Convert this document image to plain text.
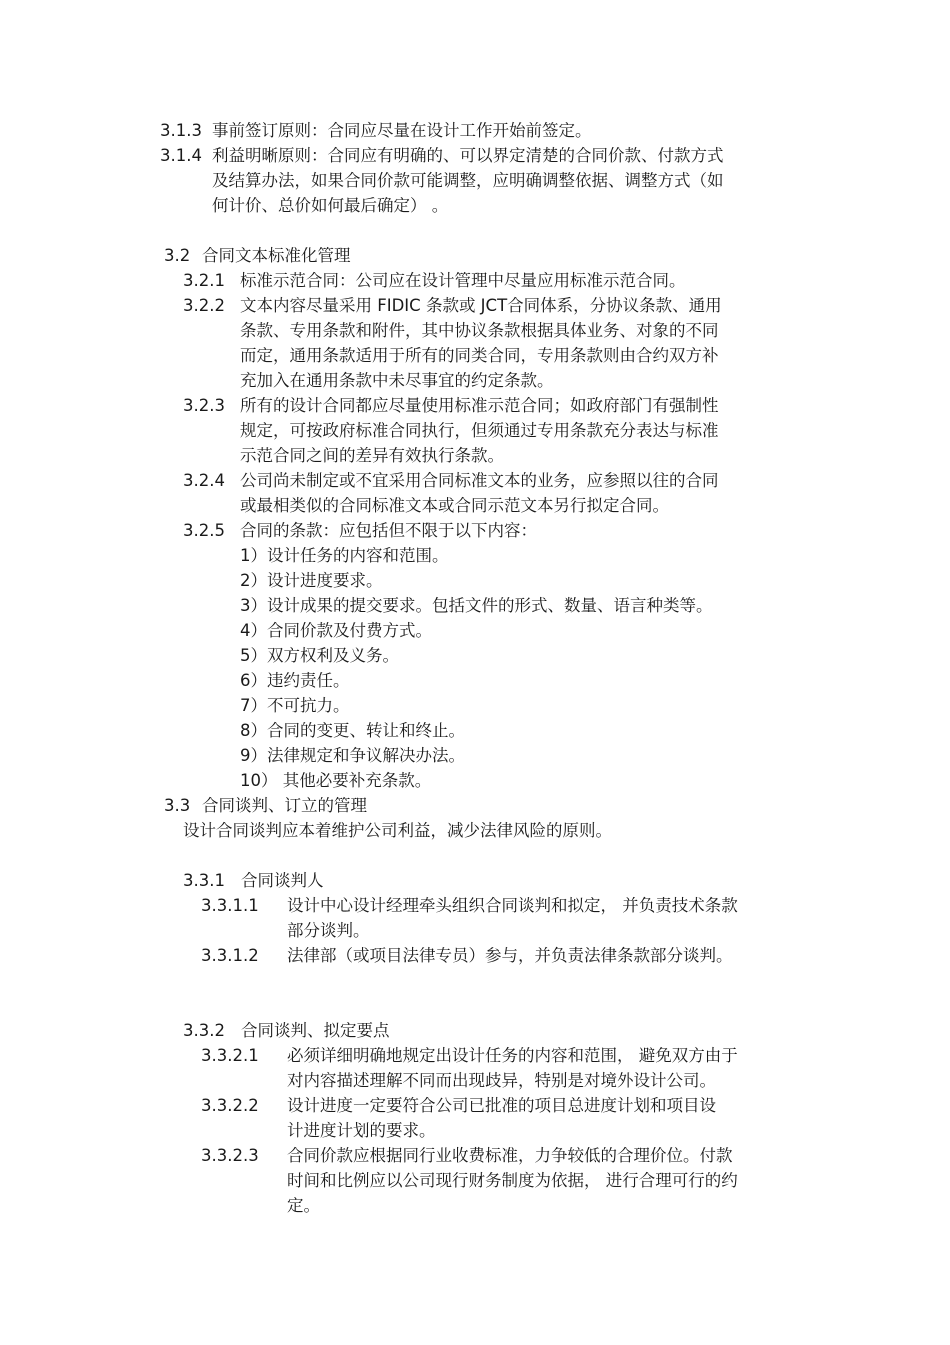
3.1.3 事前签订原则：合同应尽量在设计工作开始前签定。
3.1.4 利益明晰原则：合同应有明确的、可以界定清楚的合同价款、付款方式
及结算办法，如果合同价款可能调整，应明确调整依据、调整方式（如
何计价、总价如何最后确定） 。
3.2 合同文本标准化管理
3.2.1 标准示范合同：公司应在设计管理中尽量应用标准示范合同。
3.2.2 文本内容尽量采用 FIDIC 条款或 JCT合同体系，分协议条款、通用
条款、专用条款和附件，其中协议条款根据具体业务、对象的不同
而定，通用条款适用于所有的同类合同，专用条款则由合约双方补
充加入在通用条款中未尽事宜的约定条款。
3.2.3 所有的设计合同都应尽量使用标准示范合同；如政府部门有强制性
规定，可按政府标准合同执行，但须通过专用条款充分表达与标准
示范合同之间的差异有效执行条款。
3.2.4 公司尚未制定或不宜采用合同标准文本的业务，应参照以往的合同
或最相类似的合同标准文本或合同示范文本另行拟定合同。
3.2.5 合同的条款：应包括但不限于以下内容：
1）设计任务的内容和范围。
2）设计进度要求。
3）设计成果的提交要求。包括文件的形式、数量、语言种类等。
4）合同价款及付费方式。
5）双方权利及义务。
6）违约责任。
7）不可抗力。
8）合同的变更、转让和终止。
9）法律规定和争议解决办法。
10） 其他必要补充条款。
3.3 合同谈判、订立的管理
设计合同谈判应本着维护公司利益，减少法律风险的原则。
3.3.1 合同谈判人
3.3.1.1 设计中心设计经理牵头组织合同谈判和拟定， 并负责技术条款
部分谈判。
3.3.1.2 法律部（或项目法律专员）参与，并负责法律条款部分谈判。
3.3.2 合同谈判、拟定要点
3.3.2.1 必须详细明确地规定出设计任务的内容和范围， 避免双方由于
对内容描述理解不同而出现歧异，特别是对境外设计公司。
3.3.2.2 设计进度一定要符合公司已批准的项目总进度计划和项目设
计进度计划的要求。
3.3.2.3 合同价款应根据同行业收费标准，力争较低的合理价位。付款
时间和比例应以公司现行财务制度为依据， 进行合理可行的约
定。
